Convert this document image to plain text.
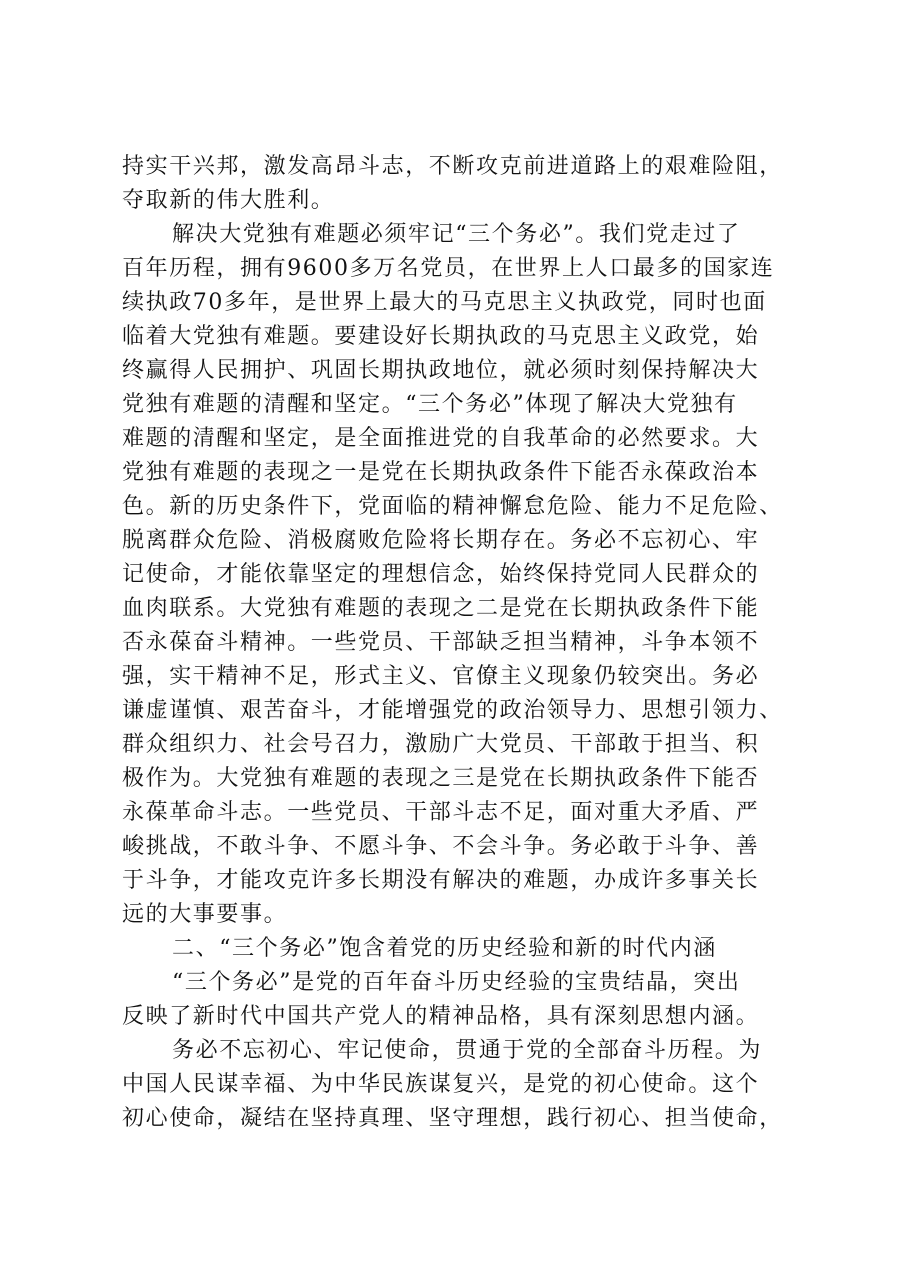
持实干兴邦，激发高昂斗志，不断攻克前进道路上的艰难险阻，
夺取新的伟大胜利。
解决大党独有难题必须牢记“三个务必”。我们党走过了
百年历程，拥有9600多万名党员，在世界上人口最多的国家连
续执政70多年，是世界上最大的马克思主义执政党，同时也面
临着大党独有难题。要建设好长期执政的马克思主义政党，始
终赢得人民拥护、巩固长期执政地位，就必须时刻保持解决大
党独有难题的清醒和坚定。“三个务必”体现了解决大党独有
难题的清醒和坚定，是全面推进党的自我革命的必然要求。大
党独有难题的表现之一是党在长期执政条件下能否永葆政治本
色。新的历史条件下，党面临的精神懈怠危险、能力不足危险、
脱离群众危险、消极腐败危险将长期存在。务必不忘初心、牢
记使命，才能依靠坚定的理想信念，始终保持党同人民群众的
血肉联系。大党独有难题的表现之二是党在长期执政条件下能
否永葆奋斗精神。一些党员、干部缺乏担当精神，斗争本领不
强，实干精神不足，形式主义、官僚主义现象仍较突出。务必
谦虚谨慎、艰苦奋斗，才能增强党的政治领导力、思想引领力、
群众组织力、社会号召力，激励广大党员、干部敢于担当、积
极作为。大党独有难题的表现之三是党在长期执政条件下能否
永葆革命斗志。一些党员、干部斗志不足，面对重大矛盾、严
峻挑战，不敢斗争、不愿斗争、不会斗争。务必敢于斗争、善
于斗争，才能攻克许多长期没有解决的难题，办成许多事关长
远的大事要事。
二、“三个务必”饱含着党的历史经验和新的时代内涵
“三个务必”是党的百年奋斗历史经验的宝贵结晶，突出
反映了新时代中国共产党人的精神品格，具有深刻思想内涵。
务必不忘初心、牢记使命，贯通于党的全部奋斗历程。为
中国人民谋幸福、为中华民族谋复兴，是党的初心使命。这个
初心使命，凝结在坚持真理、坚守理想，践行初心、担当使命，
